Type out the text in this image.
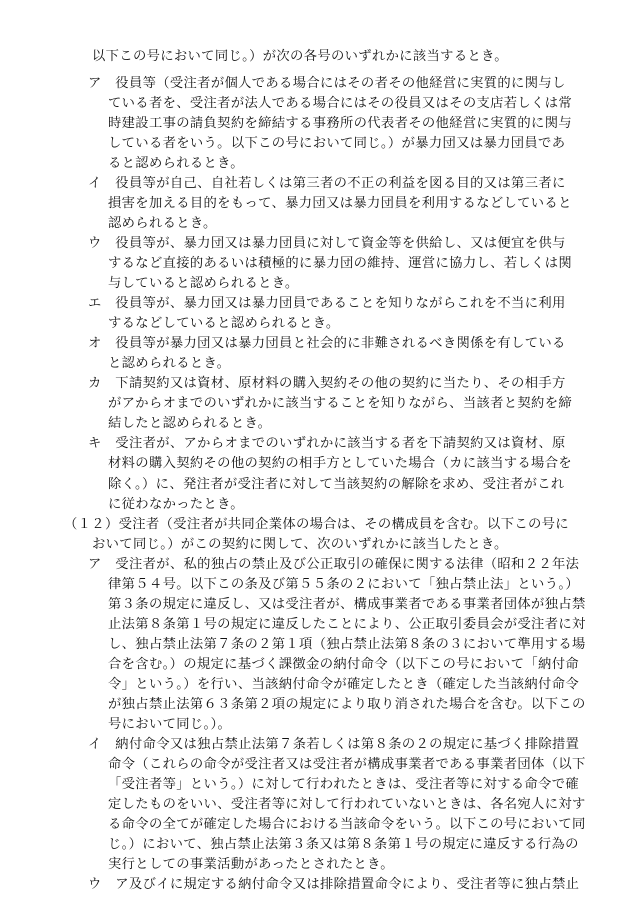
以下この号において同じ。）が次の各号のいずれかに該当するとき。
ア　役員等（受注者が個人である場合にはその者その他経営に実質的に関与し
ている者を、受注者が法人である場合にはその役員又はその支店若しくは常
時建設工事の請負契約を締結する事務所の代表者その他経営に実質的に関与
している者をいう。以下この号において同じ。）が暴力団又は暴力団員であ
ると認められるとき。
イ　役員等が自己、自社若しくは第三者の不正の利益を図る目的又は第三者に
損害を加える目的をもって、暴力団又は暴力団員を利用するなどしていると
認められるとき。
ウ　役員等が、暴力団又は暴力団員に対して資金等を供給し、又は便宜を供与
するなど直接的あるいは積極的に暴力団の維持、運営に協力し、若しくは関
与していると認められるとき。
エ　役員等が、暴力団又は暴力団員であることを知りながらこれを不当に利用
するなどしていると認められるとき。
オ　役員等が暴力団又は暴力団員と社会的に非難されるべき関係を有している
と認められるとき。
カ　下請契約又は資材、原材料の購入契約その他の契約に当たり、その相手方
がアからオまでのいずれかに該当することを知りながら、当該者と契約を締
結したと認められるとき。
キ　受注者が、アからオまでのいずれかに該当する者を下請契約又は資材、原
材料の購入契約その他の契約の相手方としていた場合（カに該当する場合を
除く。）に、発注者が受注者に対して当該契約の解除を求め、受注者がこれ
に従わなかったとき。
（１２）受注者（受注者が共同企業体の場合は、その構成員を含む。以下この号に
おいて同じ。）がこの契約に関して、次のいずれかに該当したとき。
ア　受注者が、私的独占の禁止及び公正取引の確保に関する法律（昭和２２年法
律第５４号。以下この条及び第５５条の２において「独占禁止法」という。）
第３条の規定に違反し、又は受注者が、構成事業者である事業者団体が独占禁
止法第８条第１号の規定に違反したことにより、公正取引委員会が受注者に対
し、独占禁止法第７条の２第１項（独占禁止法第８条の３において準用する場
合を含む。）の規定に基づく課徴金の納付命令（以下この号において「納付命
令」という。）を行い、当該納付命令が確定したとき（確定した当該納付命令
が独占禁止法第６３条第２項の規定により取り消された場合を含む。以下この
号において同じ。）。
イ　納付命令又は独占禁止法第７条若しくは第８条の２の規定に基づく排除措置
命令（これらの命令が受注者又は受注者が構成事業者である事業者団体（以下
「受注者等」という。）に対して行われたときは、受注者等に対する命令で確
定したものをいい、受注者等に対して行われていないときは、各名宛人に対す
る命令の全てが確定した場合における当該命令をいう。以下この号において同
じ。）において、独占禁止法第３条又は第８条第１号の規定に違反する行為の
実行としての事業活動があったとされたとき。
ウ　ア及びイに規定する納付命令又は排除措置命令により、受注者等に独占禁止
